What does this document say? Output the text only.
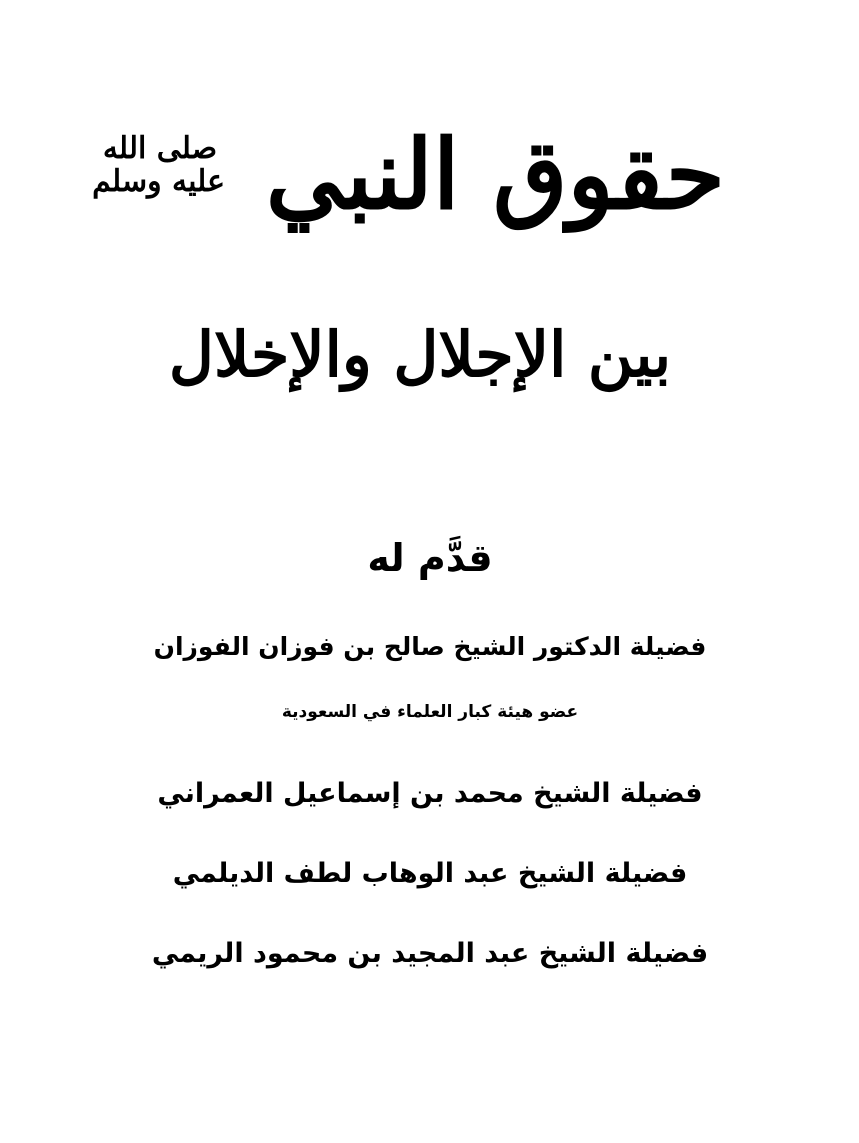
حقوق النبي
صلى الله
عليه وسلم
بين الإجلال والإخلال
قدَّم له
فضيلة الدكتور الشيخ صالح بن فوزان الفوزان
عضو هيئة كبار العلماء في السعودية
فضيلة الشيخ محمد بن إسماعيل العمراني
فضيلة الشيخ عبد الوهاب لطف الديلمي
فضيلة الشيخ عبد المجيد بن محمود الريمي
